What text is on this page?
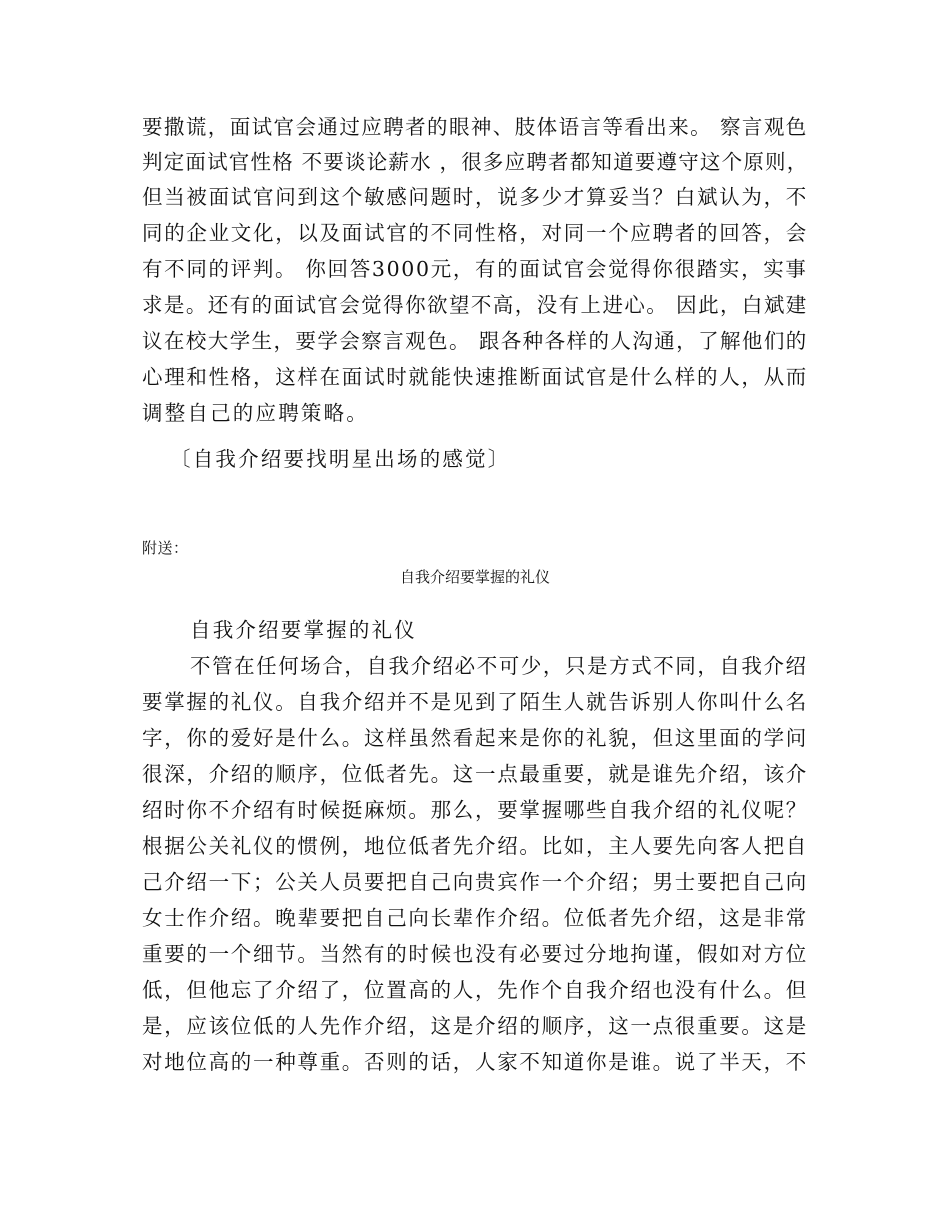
要撒谎，面试官会通过应聘者的眼神、肢体语言等看出来。 察言观色
判定面试官性格 不要谈论薪水 ，很多应聘者都知道要遵守这个原则，
但当被面试官问到这个敏感问题时，说多少才算妥当？白斌认为，不
同的企业文化，以及面试官的不同性格，对同一个应聘者的回答，会
有不同的评判。 你回答3000元，有的面试官会觉得你很踏实，实事
求是。还有的面试官会觉得你欲望不高，没有上进心。 因此，白斌建
议在校大学生，要学会察言观色。 跟各种各样的人沟通，了解他们的
心理和性格，这样在面试时就能快速推断面试官是什么样的人，从而
调整自己的应聘策略。
〔自我介绍要找明星出场的感觉〕
附送：
自我介绍要掌握的礼仪
自我介绍要掌握的礼仪
不管在任何场合，自我介绍必不可少，只是方式不同，自我介绍
要掌握的礼仪。自我介绍并不是见到了陌生人就告诉别人你叫什么名
字，你的爱好是什么。这样虽然看起来是你的礼貌，但这里面的学问
很深，介绍的顺序，位低者先。这一点最重要，就是谁先介绍，该介
绍时你不介绍有时候挺麻烦。那么，要掌握哪些自我介绍的礼仪呢？
根据公关礼仪的惯例，地位低者先介绍。比如，主人要先向客人把自
己介绍一下；公关人员要把自己向贵宾作一个介绍；男士要把自己向
女士作介绍。晚辈要把自己向长辈作介绍。位低者先介绍，这是非常
重要的一个细节。当然有的时候也没有必要过分地拘谨，假如对方位
低，但他忘了介绍了，位置高的人，先作个自我介绍也没有什么。但
是，应该位低的人先作介绍，这是介绍的顺序，这一点很重要。这是
对地位高的一种尊重。否则的话，人家不知道你是谁。说了半天，不
